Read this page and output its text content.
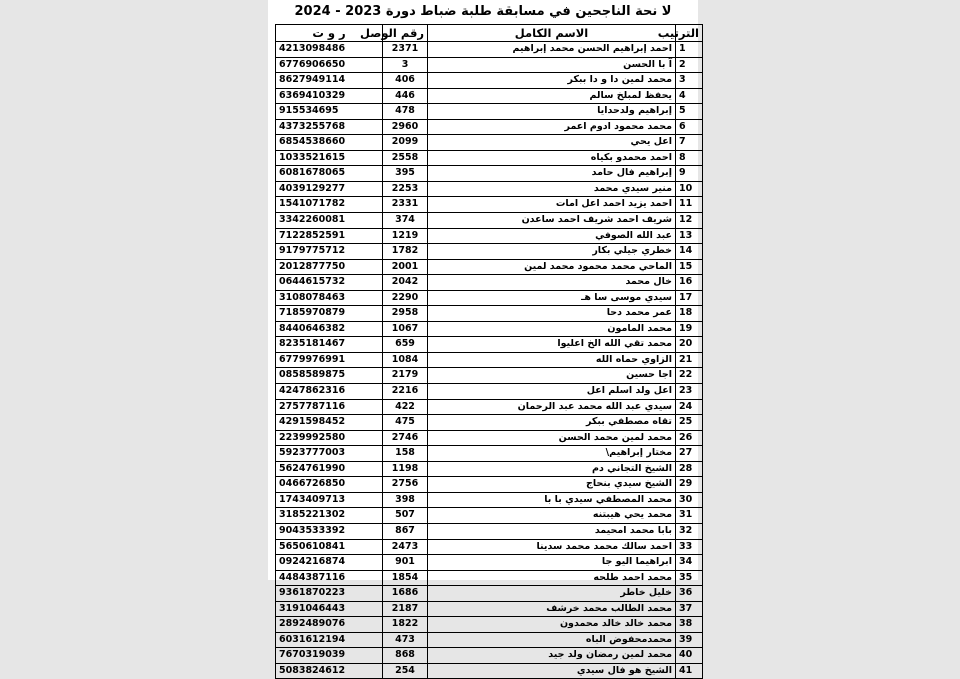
لا نحة الناجحين في مسابقة طلبة ضباط دورة 2023 - 2024
ر و ت	رقم الوصل	الاسم الكامل	الترتيب
4213098486	2371	احمد إبراهيم الحسن محمد إبراهيم	1
6776906650	3	آ با الحسن	2
8627949114	406	محمد لمين دا و دا ببكر	3
6369410329	446	يحفظ لمبلخ سالم	4
915534695	478	إبراهيم ولدحدايا	5
4373255768	2960	محمد محمود ادوم اعمر	6
6854538660	2099	اعل يحي	7
1033521615	2558	احمد محمدو بكياه	8
6081678065	395	إبراهيم فال حامد	9
4039129277	2253	منير سيدي محمد	10
1541071782	2331	احمد يزيد احمد اعل امات	11
3342260081	374	شريف احمد شريف احمد ساعدن	12
7122852591	1219	عبد الله الصوفي	13
9179775712	1782	خطري جيلي بكار	14
2012877750	2001	الماحي محمد محمود محمد لمين	15
0644615732	2042	خال محمد	16
3108078463	2290	سيدي موسى سا هـ	17
7185970879	2958	عمر محمد دحا	18
8440646382	1067	محمد المامون	19
8235181467	659	محمد تقي الله الخ اعليوا	20
6779976991	1084	الزاوي حماه الله	21
0858589875	2179	اجا حسين	22
4247862316	2216	اعل ولد اسلم اعل	23
2757787116	422	سيدي عبد الله محمد عبد الرحمان	24
4291598452	475	تقاه مصطفي ببكر	25
2239992580	2746	محمد لمين محمد الحسن	26
5923777003	158	مختار إبراهيم\	27
5624761990	1198	الشيخ التجاني دم	28
0466726850	2756	الشيخ سيدي بنحاج	29
1743409713	398	محمد المصطفي سيدي با با	30
3185221302	507	محمد يحي هيبتنه	31
9043533392	867	بابا محمد امحيمد	32
5650610841	2473	احمد سالك محمد محمد سدينا	33
0924216874	901	ابراهيما اليو جا	34
4484387116	1854	محمد احمد طلحه	35
9361870223	1686	خليل خاطر	36
3191046443	2187	محمد الطالب محمد خرشف	37
2892489076	1822	محمد خالد خالد محمدون	38
6031612194	473	محمدمحفوض الباه	39
7670319039	868	محمد لمين رمضان ولد جيد	40
5083824612	254	الشيخ هو فال سيدي	41
